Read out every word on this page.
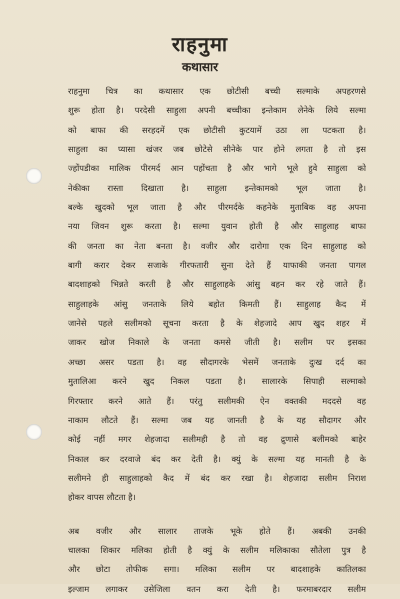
राहनुमा
कथासार
राहनुमा चित्र का कथासार एक छोटीसी बच्ची सल्माके अपहरणसे
शुरू होता है। परदेसी साहुला अपनी बच्चीका इन्तेकाम लेनेके लिये सल्मा
को बाफा की सरहदमें एक छोटीसी कुटयामें उठा ला पटकता है।
साहुला का प्यासा खंजर जब छोटेसे सीनेके पार होने लगता है तो इस
ज्होंपडीका मालिक पीरमर्द आन पहोंचता है और भागे भूले हुवे साहुला को
नेकीका रास्ता दिखाता है। साहुला इन्तेकामको भूल जाता है।
बल्के खुदको भूल जाता है और पीरमर्दके कहनेके मुताबिक वह अपना
नया जिवन शुरू करता है। सल्मा युवान होती है और साहुलाह बाफा
की जनता का नेता बनता है। वजीर और दारोगा एक दिन साहुलाह को
बागी करार देकर सजाके गीरफतारी सुना देते हैं याफाकी जनता पागल
बादशाहको भिन्नते करती है और साहुलाहके आंसु बहन कर रहे जाते हैं।
साहुलाहके आंसु जनताके लिये बहोत किमती हैं। साहुलाह कैद में
जानेसे पहले सलीमको सूचना करता है के शेहजादे आप खुद शहर में
जाकर खोज निकाले के जनता कमसे जीती है। सलीम पर इसका
अच्छा असर पडता है। वह सौदागरके भेसमें जनताके दुःख दर्द का
मुतालिआ करने खुद निकल पडता है। सालारके सिपाही सल्माको
गिरफ्तार करने आते हैं। परंतु सलीमकी ऐन वक्तकी मददसे वह
नाकाम लौटते हैं। सल्मा जब यह जानती है के यह सौदागर और
कोई नहीं मगर शेहजादा सलीमही है तो वह द्रुणासे बलीमको बाहेर
निकाल कर दरवाजे बंद कर देती है। क्युं के सल्मा यह मानती है के
सलीमने ही साहुलाहको कैद में बंद कर रखा है। शेहजादा सलीम निराश
होकर वापस लौटता है।
अब वजीर और सालार ताजके भूके होते हैं। अबकी उनकी
चालका शिकार मलिका होती है क्युं के सलीम मलिकाका सौतेला पुत्र है
और छोटा तोफीक सगा। मलिका सलीम पर बादशाहके कातिलका
इल्जाम लगाकर उसेजिला वतन करा देती है। फरमाबरदार सलीम
